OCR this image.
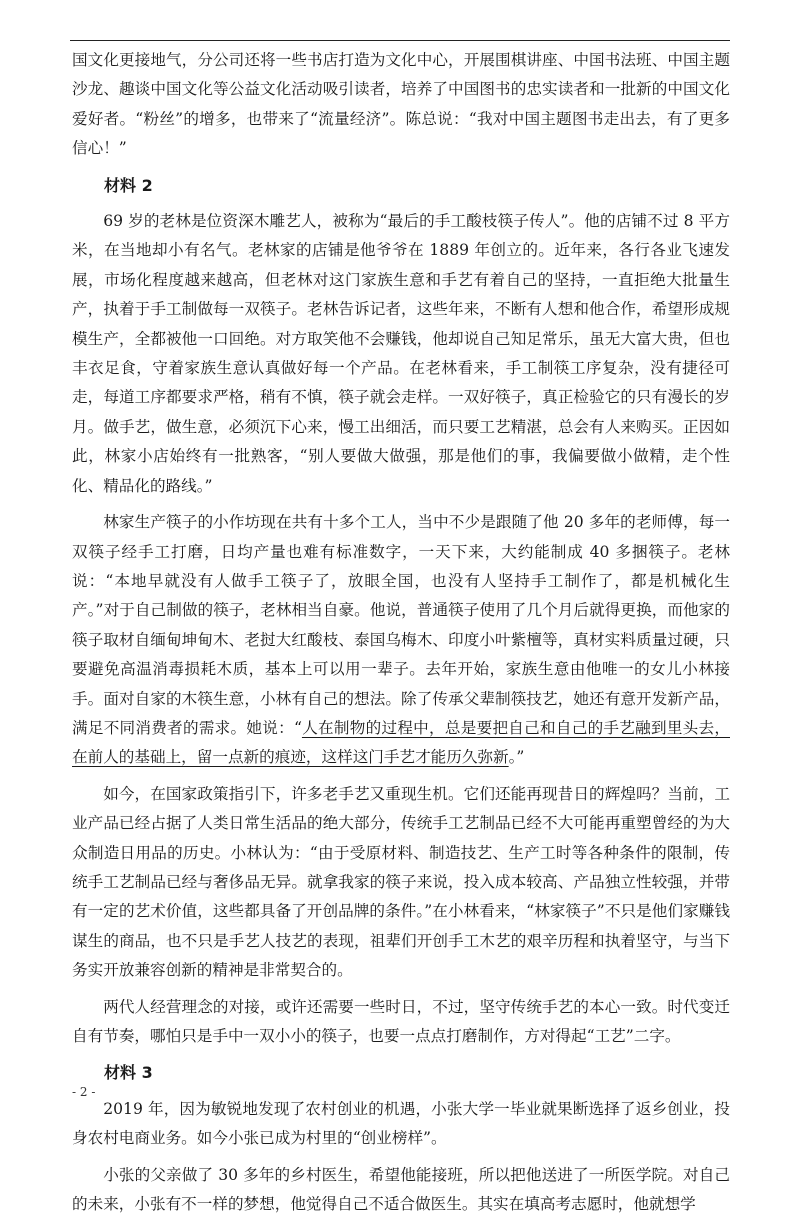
国文化更接地气，分公司还将一些书店打造为文化中心，开展围棋讲座、中国书法班、中国主题沙龙、趣谈中国文化等公益文化活动吸引读者，培养了中国图书的忠实读者和一批新的中国文化爱好者。“粉丝”的增多，也带来了“流量经济”。陈总说：“我对中国主题图书走出去，有了更多信心！”

材料 2

69 岁的老林是位资深木雕艺人，被称为“最后的手工酸枝筷子传人”。他的店铺不过 8 平方米，在当地却小有名气。老林家的店铺是他爷爷在 1889 年创立的。近年来，各行各业飞速发展，市场化程度越来越高，但老林对这门家族生意和手艺有着自己的坚持，一直拒绝大批量生产，执着于手工制做每一双筷子。老林告诉记者，这些年来，不断有人想和他合作，希望形成规模生产，全都被他一口回绝。对方取笑他不会赚钱，他却说自己知足常乐，虽无大富大贵，但也丰衣足食，守着家族生意认真做好每一个产品。在老林看来，手工制筷工序复杂，没有捷径可走，每道工序都要求严格，稍有不慎，筷子就会走样。一双好筷子，真正检验它的只有漫长的岁月。做手艺，做生意，必须沉下心来，慢工出细活，而只要工艺精湛，总会有人来购买。正因如此，林家小店始终有一批熟客，“别人要做大做强，那是他们的事，我偏要做小做精，走个性化、精品化的路线。”

林家生产筷子的小作坊现在共有十多个工人，当中不少是跟随了他 20 多年的老师傅，每一双筷子经手工打磨，日均产量也难有标准数字，一天下来，大约能制成 40 多捆筷子。老林说：“本地早就没有人做手工筷子了，放眼全国，也没有人坚持手工制作了，都是机械化生产。”对于自己制做的筷子，老林相当自豪。他说，普通筷子使用了几个月后就得更换，而他家的筷子取材自缅甸坤甸木、老挝大红酸枝、泰国乌梅木、印度小叶紫檀等，真材实料质量过硬，只要避免高温消毒损耗木质，基本上可以用一辈子。去年开始，家族生意由他唯一的女儿小林接手。面对自家的木筷生意，小林有自己的想法。除了传承父辈制筷技艺，她还有意开发新产品，满足不同消费者的需求。她说：“人在制物的过程中，总是要把自己和自己的手艺融到里头去，在前人的基础上，留一点新的痕迹，这样这门手艺才能历久弥新。”

如今，在国家政策指引下，许多老手艺又重现生机。它们还能再现昔日的辉煌吗？当前，工业产品已经占据了人类日常生活品的绝大部分，传统手工艺制品已经不大可能再重塑曾经的为大众制造日用品的历史。小林认为：“由于受原材料、制造技艺、生产工时等各种条件的限制，传统手工艺制品已经与奢侈品无异。就拿我家的筷子来说，投入成本较高、产品独立性较强，并带有一定的艺术价值，这些都具备了开创品牌的条件。”在小林看来，“林家筷子”不只是他们家赚钱谋生的商品，也不只是手艺人技艺的表现，祖辈们开创手工木艺的艰辛历程和执着坚守，与当下务实开放兼容创新的精神是非常契合的。

两代人经营理念的对接，或许还需要一些时日，不过，坚守传统手艺的本心一致。时代变迁自有节奏，哪怕只是手中一双小小的筷子，也要一点点打磨制作，方对得起“工艺”二字。

材料 3

2019 年，因为敏锐地发现了农村创业的机遇，小张大学一毕业就果断选择了返乡创业，投身农村电商业务。如今小张已成为村里的“创业榜样”。

小张的父亲做了 30 多年的乡村医生，希望他能接班，所以把他送进了一所医学院。对自己的未来，小张有不一样的梦想，他觉得自己不适合做医生。其实在填高考志愿时，他就想学

- 2 -
